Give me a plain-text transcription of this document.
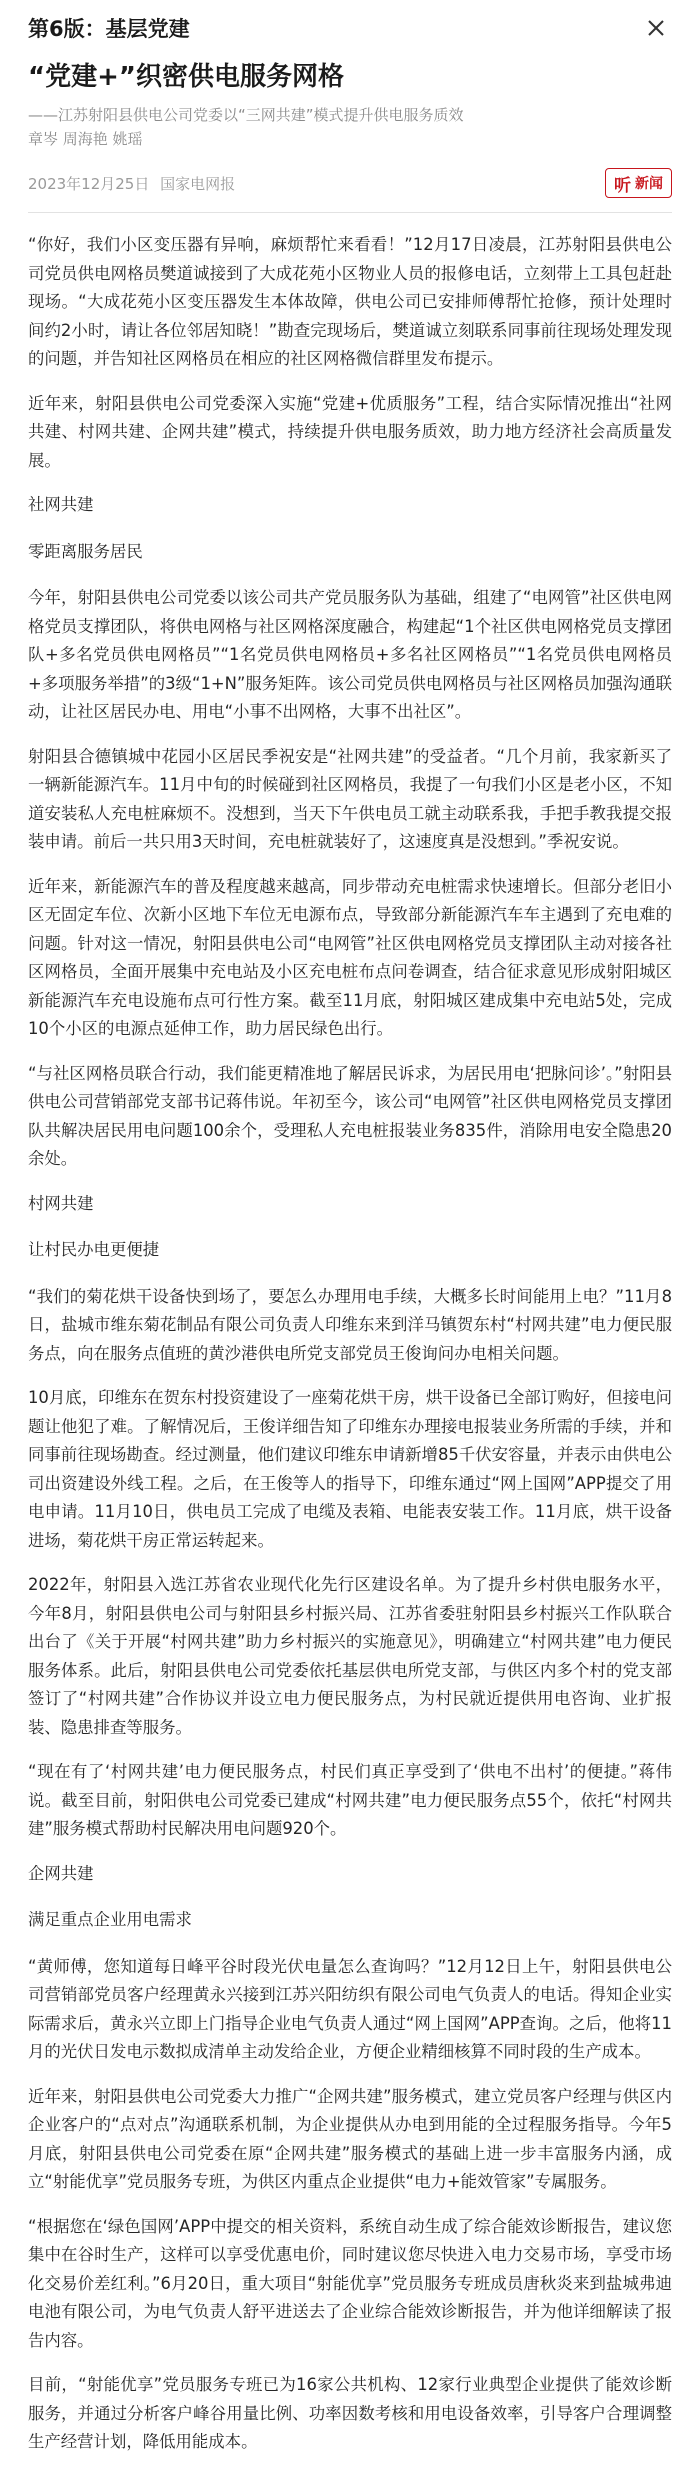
第6版：基层党建
“党建+”织密供电服务网格
——江苏射阳县供电公司党委以“三网共建”模式提升供电服务质效
章岑 周海艳 姚瑶
2023年12月25日 国家电网报	听 新闻

“你好，我们小区变压器有异响，麻烦帮忙来看看！”12月17日凌晨，江苏射阳县供电公司党员供电网格员樊道诚接到了大成花苑小区物业人员的报修电话，立刻带上工具包赶赴现场。“大成花苑小区变压器发生本体故障，供电公司已安排师傅帮忙抢修，预计处理时间约2小时，请让各位邻居知晓！”勘查完现场后，樊道诚立刻联系同事前往现场处理发现的问题，并告知社区网格员在相应的社区网格微信群里发布提示。

近年来，射阳县供电公司党委深入实施“党建+优质服务”工程，结合实际情况推出“社网共建、村网共建、企网共建”模式，持续提升供电服务质效，助力地方经济社会高质量发展。

社网共建
零距离服务居民

今年，射阳县供电公司党委以该公司共产党员服务队为基础，组建了“电网管”社区供电网格党员支撑团队，将供电网格与社区网格深度融合，构建起“1个社区供电网格党员支撑团队+多名党员供电网格员”“1名党员供电网格员+多名社区网格员”“1名党员供电网格员+多项服务举措”的3级“1+N”服务矩阵。该公司党员供电网格员与社区网格员加强沟通联动，让社区居民办电、用电“小事不出网格，大事不出社区”。

射阳县合德镇城中花园小区居民季祝安是“社网共建”的受益者。“几个月前，我家新买了一辆新能源汽车。11月中旬的时候碰到社区网格员，我提了一句我们小区是老小区，不知道安装私人充电桩麻烦不。没想到，当天下午供电员工就主动联系我，手把手教我提交报装申请。前后一共只用3天时间，充电桩就装好了，这速度真是没想到。”季祝安说。

近年来，新能源汽车的普及程度越来越高，同步带动充电桩需求快速增长。但部分老旧小区无固定车位、次新小区地下车位无电源布点，导致部分新能源汽车车主遇到了充电难的问题。针对这一情况，射阳县供电公司“电网管”社区供电网格党员支撑团队主动对接各社区网格员，全面开展集中充电站及小区充电桩布点问卷调查，结合征求意见形成射阳城区新能源汽车充电设施布点可行性方案。截至11月底，射阳城区建成集中充电站5处，完成10个小区的电源点延伸工作，助力居民绿色出行。

“与社区网格员联合行动，我们能更精准地了解居民诉求，为居民用电‘把脉问诊’。”射阳县供电公司营销部党支部书记蒋伟说。年初至今，该公司“电网管”社区供电网格党员支撑团队共解决居民用电问题100余个，受理私人充电桩报装业务835件，消除用电安全隐患20余处。

村网共建
让村民办电更便捷

“我们的菊花烘干设备快到场了，要怎么办理用电手续，大概多长时间能用上电？”11月8日，盐城市维东菊花制品有限公司负责人印维东来到洋马镇贺东村“村网共建”电力便民服务点，向在服务点值班的黄沙港供电所党支部党员王俊询问办电相关问题。

10月底，印维东在贺东村投资建设了一座菊花烘干房，烘干设备已全部订购好，但接电问题让他犯了难。了解情况后，王俊详细告知了印维东办理接电报装业务所需的手续，并和同事前往现场勘查。经过测量，他们建议印维东申请新增85千伏安容量，并表示由供电公司出资建设外线工程。之后，在王俊等人的指导下，印维东通过“网上国网”APP提交了用电申请。11月10日，供电员工完成了电缆及表箱、电能表安装工作。11月底，烘干设备进场，菊花烘干房正常运转起来。

2022年，射阳县入选江苏省农业现代化先行区建设名单。为了提升乡村供电服务水平，今年8月，射阳县供电公司与射阳县乡村振兴局、江苏省委驻射阳县乡村振兴工作队联合出台了《关于开展“村网共建”助力乡村振兴的实施意见》，明确建立“村网共建”电力便民服务体系。此后，射阳县供电公司党委依托基层供电所党支部，与供区内多个村的党支部签订了“村网共建”合作协议并设立电力便民服务点，为村民就近提供用电咨询、业扩报装、隐患排查等服务。

“现在有了‘村网共建’电力便民服务点，村民们真正享受到了‘供电不出村’的便捷。”蒋伟说。截至目前，射阳供电公司党委已建成“村网共建”电力便民服务点55个，依托“村网共建”服务模式帮助村民解决用电问题920个。

企网共建
满足重点企业用电需求

“黄师傅，您知道每日峰平谷时段光伏电量怎么查询吗？”12月12日上午，射阳县供电公司营销部党员客户经理黄永兴接到江苏兴阳纺织有限公司电气负责人的电话。得知企业实际需求后，黄永兴立即上门指导企业电气负责人通过“网上国网”APP查询。之后，他将11月的光伏日发电示数拟成清单主动发给企业，方便企业精细核算不同时段的生产成本。

近年来，射阳县供电公司党委大力推广“企网共建”服务模式，建立党员客户经理与供区内企业客户的“点对点”沟通联系机制，为企业提供从办电到用能的全过程服务指导。今年5月底，射阳县供电公司党委在原“企网共建”服务模式的基础上进一步丰富服务内涵，成立“射能优享”党员服务专班，为供区内重点企业提供“电力+能效管家”专属服务。

“根据您在‘绿色国网’APP中提交的相关资料，系统自动生成了综合能效诊断报告，建议您集中在谷时生产，这样可以享受优惠电价，同时建议您尽快进入电力交易市场，享受市场化交易价差红利。”6月20日，重大项目“射能优享”党员服务专班成员唐秋炎来到盐城弗迪电池有限公司，为电气负责人舒平进送去了企业综合能效诊断报告，并为他详细解读了报告内容。

目前，“射能优享”党员服务专班已为16家公共机构、12家行业典型企业提供了能效诊断服务，并通过分析客户峰谷用量比例、功率因数考核和用电设备效率，引导客户合理调整生产经营计划，降低用能成本。
